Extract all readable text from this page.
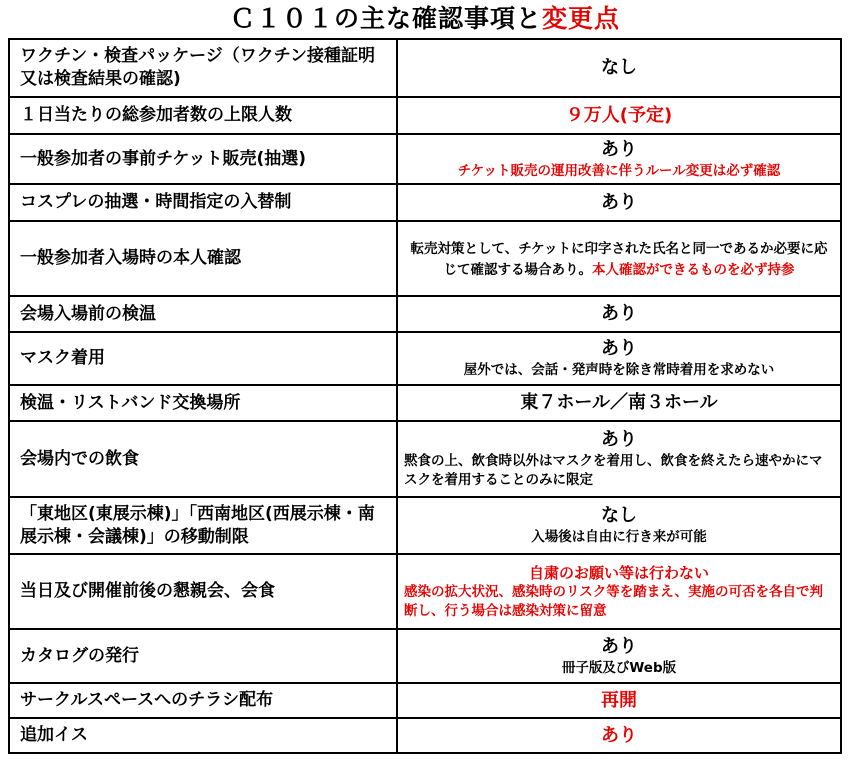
Ｃ１０１の主な確認事項と変更点
ワクチン・検査パッケージ（ワクチン接種証明又は検査結果の確認)	なし

１日当たりの総参加者数の上限人数	９万人(予定)

一般参加者の事前チケット販売(抽選)	あり
チケット販売の運用改善に伴うルール変更は必ず確認

コスプレの抽選・時間指定の入替制	あり

一般参加者入場時の本人確認	転売対策として、チケットに印字された氏名と同一であるか必要に応じて確認する場合あり。本人確認ができるものを必ず持参
会場入場前の検温	あり

マスク着用	あり
屋外では、会話・発声時を除き常時着用を求めない

検温・リストバンド交換場所	東７ホール／南３ホール

会場内での飲食	あり
黙食の上、飲食時以外はマスクを着用し、飲食を終えたら速やかにマスクを着用することのみに限定

「東地区(東展示棟)」「西南地区(西展示棟・南展示棟・会議棟)」の移動制限	なし
入場後は自由に行き来が可能

当日及び開催前後の懇親会、会食	自粛のお願い等は行わない
感染の拡大状況、感染時のリスク等を踏まえ、実施の可否を各自で判断し、行う場合は感染対策に留意

カタログの発行	あり
冊子版及びWeb版

サークルスペースへのチラシ配布	再開

追加イス	あり
